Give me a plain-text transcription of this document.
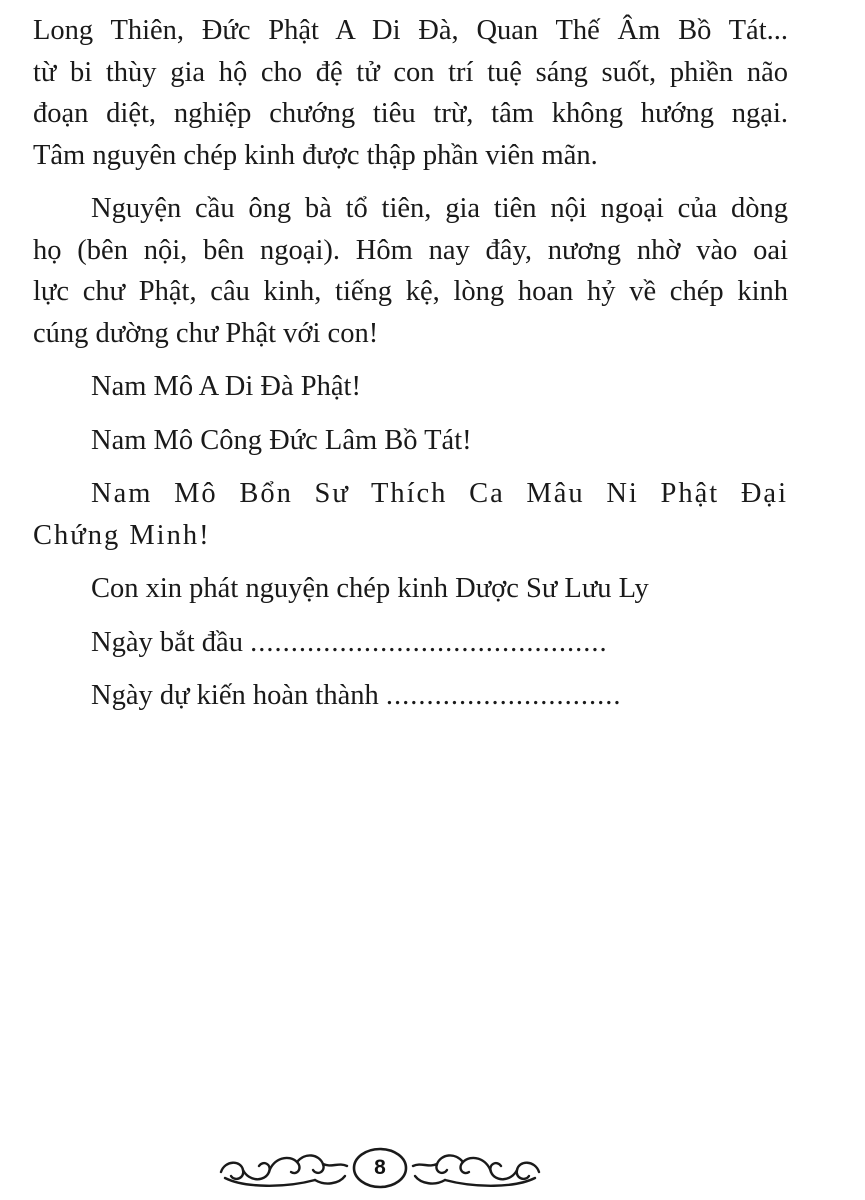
Long Thiên, Đức Phật A Di Đà, Quan Thế Âm Bồ Tát...
từ bi thùy gia hộ cho đệ tử con trí tuệ sáng suốt, phiền não
đoạn diệt, nghiệp chướng tiêu trừ, tâm không hướng ngại.
Tâm nguyên chép kinh được thập phần viên mãn.
Nguyện cầu ông bà tổ tiên, gia tiên nội ngoại của dòng
họ (bên nội, bên ngoại). Hôm nay đây, nương nhờ vào oai
lực chư Phật, câu kinh, tiếng kệ, lòng hoan hỷ về chép kinh
cúng dường chư Phật với con!
Nam Mô A Di Đà Phật!
Nam Mô Công Đức Lâm Bồ Tát!
Nam Mô Bổn Sư Thích Ca Mâu Ni Phật Đại
Chứng Minh!
Con xin phát nguyện chép kinh Dược Sư Lưu Ly
Ngày bắt đầu ............................................
Ngày dự kiến hoàn thành .............................
8
